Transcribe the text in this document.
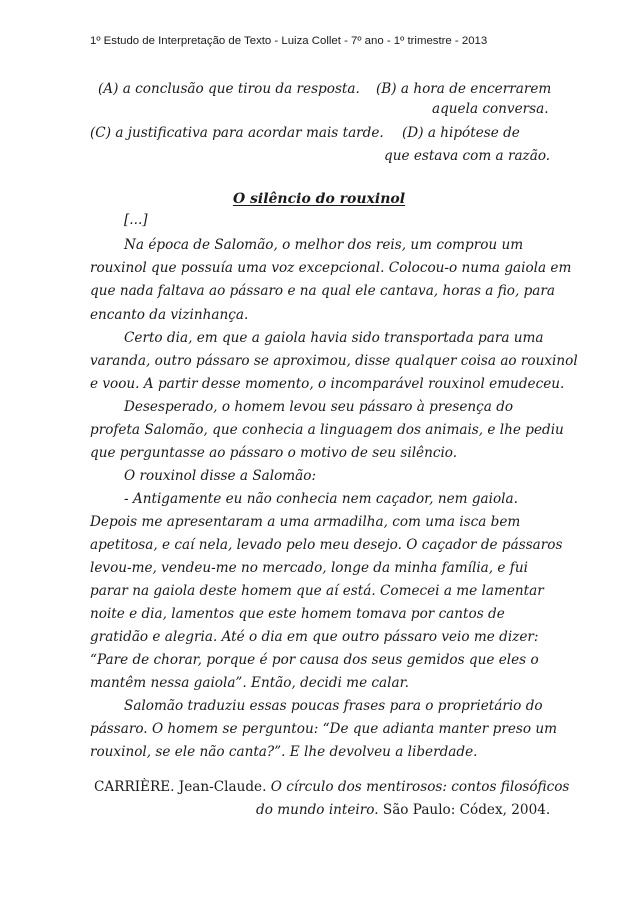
1º Estudo de Interpretação de Texto - Luiza Collet - 7º ano - 1º trimestre - 2013
(A) a conclusão que tirou da resposta. (B) a hora de encerrarem
aquela conversa.
(C) a justificativa para acordar mais tarde. (D) a hipótese de
que estava com a razão.
O silêncio do rouxinol
[...]
Na época de Salomão, o melhor dos reis, um comprou um
rouxinol que possuía uma voz excepcional. Colocou-o numa gaiola em
que nada faltava ao pássaro e na qual ele cantava, horas a fio, para
encanto da vizinhança.
Certo dia, em que a gaiola havia sido transportada para uma
varanda, outro pássaro se aproximou, disse qualquer coisa ao rouxinol
e voou. A partir desse momento, o incomparável rouxinol emudeceu.
Desesperado, o homem levou seu pássaro à presença do
profeta Salomão, que conhecia a linguagem dos animais, e lhe pediu
que perguntasse ao pássaro o motivo de seu silêncio.
O rouxinol disse a Salomão:
- Antigamente eu não conhecia nem caçador, nem gaiola.
Depois me apresentaram a uma armadilha, com uma isca bem
apetitosa, e caí nela, levado pelo meu desejo. O caçador de pássaros
levou-me, vendeu-me no mercado, longe da minha família, e fui
parar na gaiola deste homem que aí está. Comecei a me lamentar
noite e dia, lamentos que este homem tomava por cantos de
gratidão e alegria. Até o dia em que outro pássaro veio me dizer:
“Pare de chorar, porque é por causa dos seus gemidos que eles o
mantêm nessa gaiola”. Então, decidi me calar.
Salomão traduziu essas poucas frases para o proprietário do
pássaro. O homem se perguntou: “De que adianta manter preso um
rouxinol, se ele não canta?”. E lhe devolveu a liberdade.
CARRIÈRE. Jean-Claude. O círculo dos mentirosos: contos filosóficos
do mundo inteiro. São Paulo: Códex, 2004.
